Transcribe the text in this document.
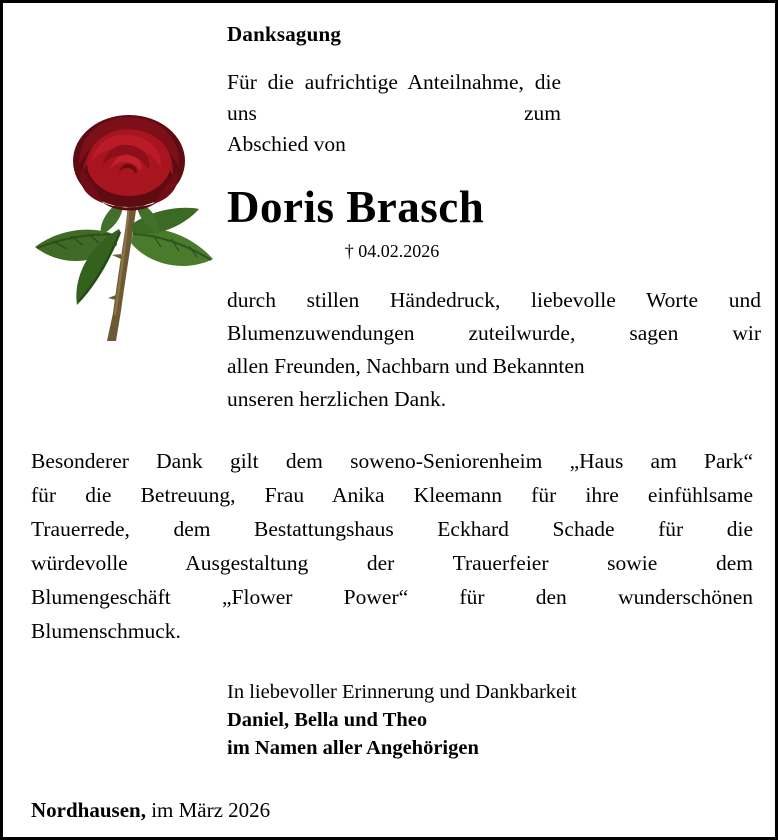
Danksagung
Für die aufrichtige Anteilnahme, die uns zum
Abschied von
Doris Brasch
† 04.02.2026
durch stillen Händedruck, liebevolle Worte und
Blumenzuwendungen zuteilwurde, sagen wir
allen Freunden, Nachbarn und Bekannten
unseren herzlichen Dank.
Besonderer Dank gilt dem soweno-Seniorenheim „Haus am Park“
für die Betreuung, Frau Anika Kleemann für ihre einfühlsame
Trauerrede, dem Bestattungshaus Eckhard Schade für die
würdevolle Ausgestaltung der Trauerfeier sowie dem
Blumengeschäft „Flower Power“ für den wunderschönen
Blumenschmuck.
In liebevoller Erinnerung und Dankbarkeit
Daniel, Bella und Theo
im Namen aller Angehörigen
Nordhausen, im März 2026
